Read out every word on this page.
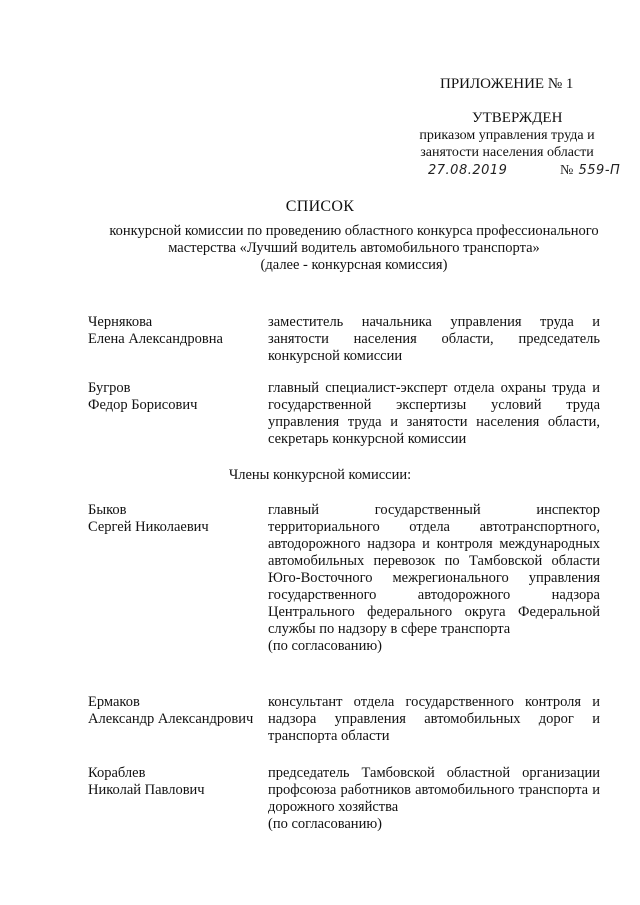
ПРИЛОЖЕНИЕ № 1
УТВЕРЖДЕН
приказом управления труда и
занятости населения области
27.08.2019	№ 559-П
СПИСОК
конкурсной комиссии по проведению областного конкурса профессионального
мастерства «Лучший водитель автомобильного транспорта»
(далее - конкурсная комиссия)
Чернякова
Елена Александровна
заместитель начальника управления труда и занятости населения области, председатель конкурсной комиссии
Бугров
Федор Борисович
главный специалист-эксперт отдела охраны труда и государственной экспертизы условий труда управления труда и занятости населения области, секретарь конкурсной комиссии
Члены конкурсной комиссии:
Быков
Сергей Николаевич
главный государственный инспектор территориального отдела автотранспортного, автодорожного надзора и контроля международных автомобильных перевозок по Тамбовской области Юго-Восточного межрегионального управления государственного автодорожного надзора Центрального федерального округа Федеральной службы по надзору в сфере транспорта
(по согласованию)
Ермаков
Александр Александрович
консультант отдела государственного контроля и надзора управления автомобильных дорог и транспорта области
Кораблев
Николай Павлович
председатель Тамбовской областной организации профсоюза работников автомобильного транспорта и дорожного хозяйства
(по согласованию)
